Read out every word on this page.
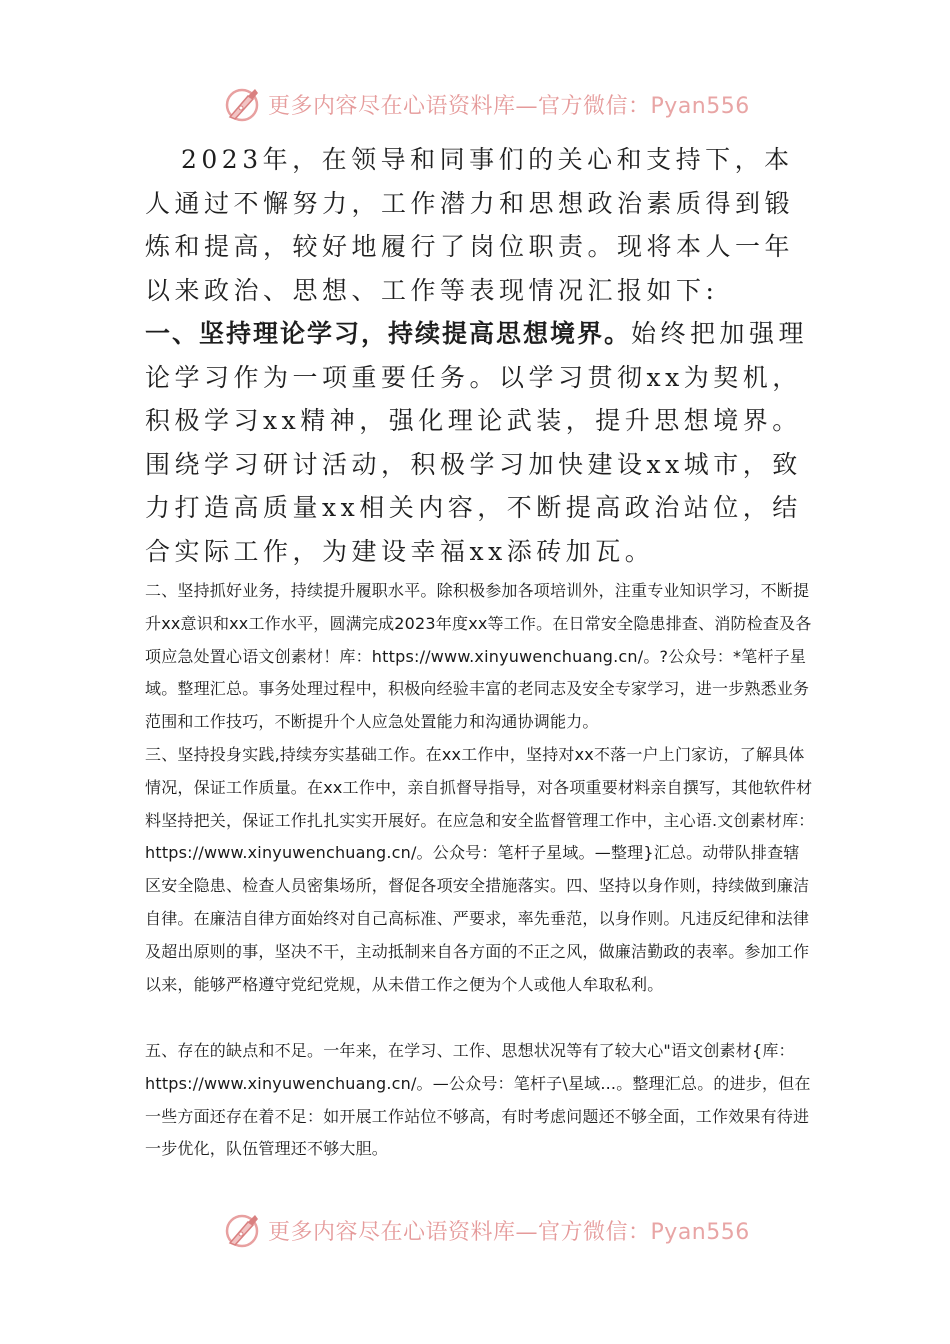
更多内容尽在心语资料库—官方微信：Pyan556

2023年，在领导和同事们的关心和支持下，本人通过不懈努力，工作潜力和思想政治素质得到锻炼和提高，较好地履行了岗位职责。现将本人一年以来政治、思想、工作等表现情况汇报如下:

一、坚持理论学习，持续提高思想境界。始终把加强理论学习作为一项重要任务。以学习贯彻xx为契机，积极学习xx精神，强化理论武装，提升思想境界。围绕学习研讨活动，积极学习加快建设xx城市，致力打造高质量xx相关内容，不断提高政治站位，结合实际工作，为建设幸福xx添砖加瓦。

二、坚持抓好业务，持续提升履职水平。除积极参加各项培训外，注重专业知识学习，不断提升xx意识和xx工作水平，圆满完成2023年度xx等工作。在日常安全隐患排查、消防检查及各项应急处置心语文创素材！库：https://www.xinyuwenchuang.cn/。?公众号：*笔杆子星域。整理汇总。事务处理过程中，积极向经验丰富的老同志及安全专家学习，进一步熟悉业务范围和工作技巧，不断提升个人应急处置能力和沟通协调能力。

三、坚持投身实践,持续夯实基础工作。在xx工作中，坚持对xx不落一户上门家访，了解具体情况，保证工作质量。在xx工作中，亲自抓督导指导，对各项重要材料亲自撰写，其他软件材料坚持把关，保证工作扎扎实实开展好。在应急和安全监督管理工作中，主心语.文创素材库：https://www.xinyuwenchuang.cn/。公众号：笔杆子星域。—整理}汇总。动带队排查辖区安全隐患、检查人员密集场所，督促各项安全措施落实。四、坚持以身作则，持续做到廉洁自律。在廉洁自律方面始终对自己高标准、严要求，率先垂范，以身作则。凡违反纪律和法律及超出原则的事，坚决不干，主动抵制来自各方面的不正之风，做廉洁勤政的表率。参加工作以来，能够严格遵守党纪党规，从未借工作之便为个人或他人牟取私利。

五、存在的缺点和不足。一年来，在学习、工作、思想状况等有了较大心"语文创素材{库：https://www.xinyuwenchuang.cn/。—公众号：笔杆子\星域...。整理汇总。的进步，但在一些方面还存在着不足：如开展工作站位不够高，有时考虑问题还不够全面，工作效果有待进一步优化，队伍管理还不够大胆。

更多内容尽在心语资料库—官方微信：Pyan556
